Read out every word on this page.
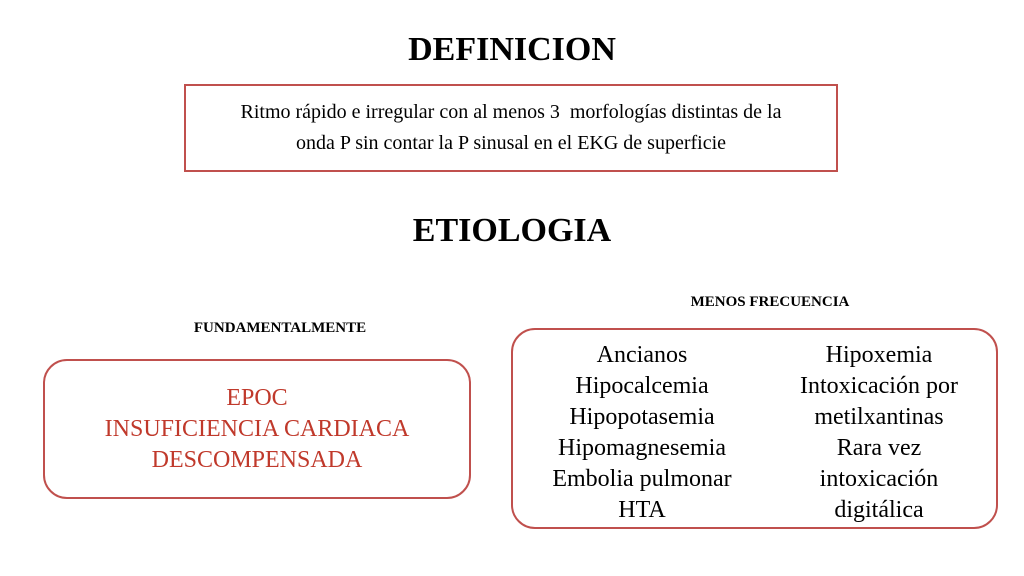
DEFINICION
Ritmo rápido e irregular con al menos 3  morfologías distintas de la
onda P sin contar la P sinusal en el EKG de superficie
ETIOLOGIA
MENOS FRECUENCIA
FUNDAMENTALMENTE
EPOC
INSUFICIENCIA CARDIACA
DESCOMPENSADA
Ancianos
Hipocalcemia
Hipopotasemia
Hipomagnesemia
Embolia pulmonar
HTA
Hipoxemia
Intoxicación por
metilxantinas
Rara vez
intoxicación
digitálica
